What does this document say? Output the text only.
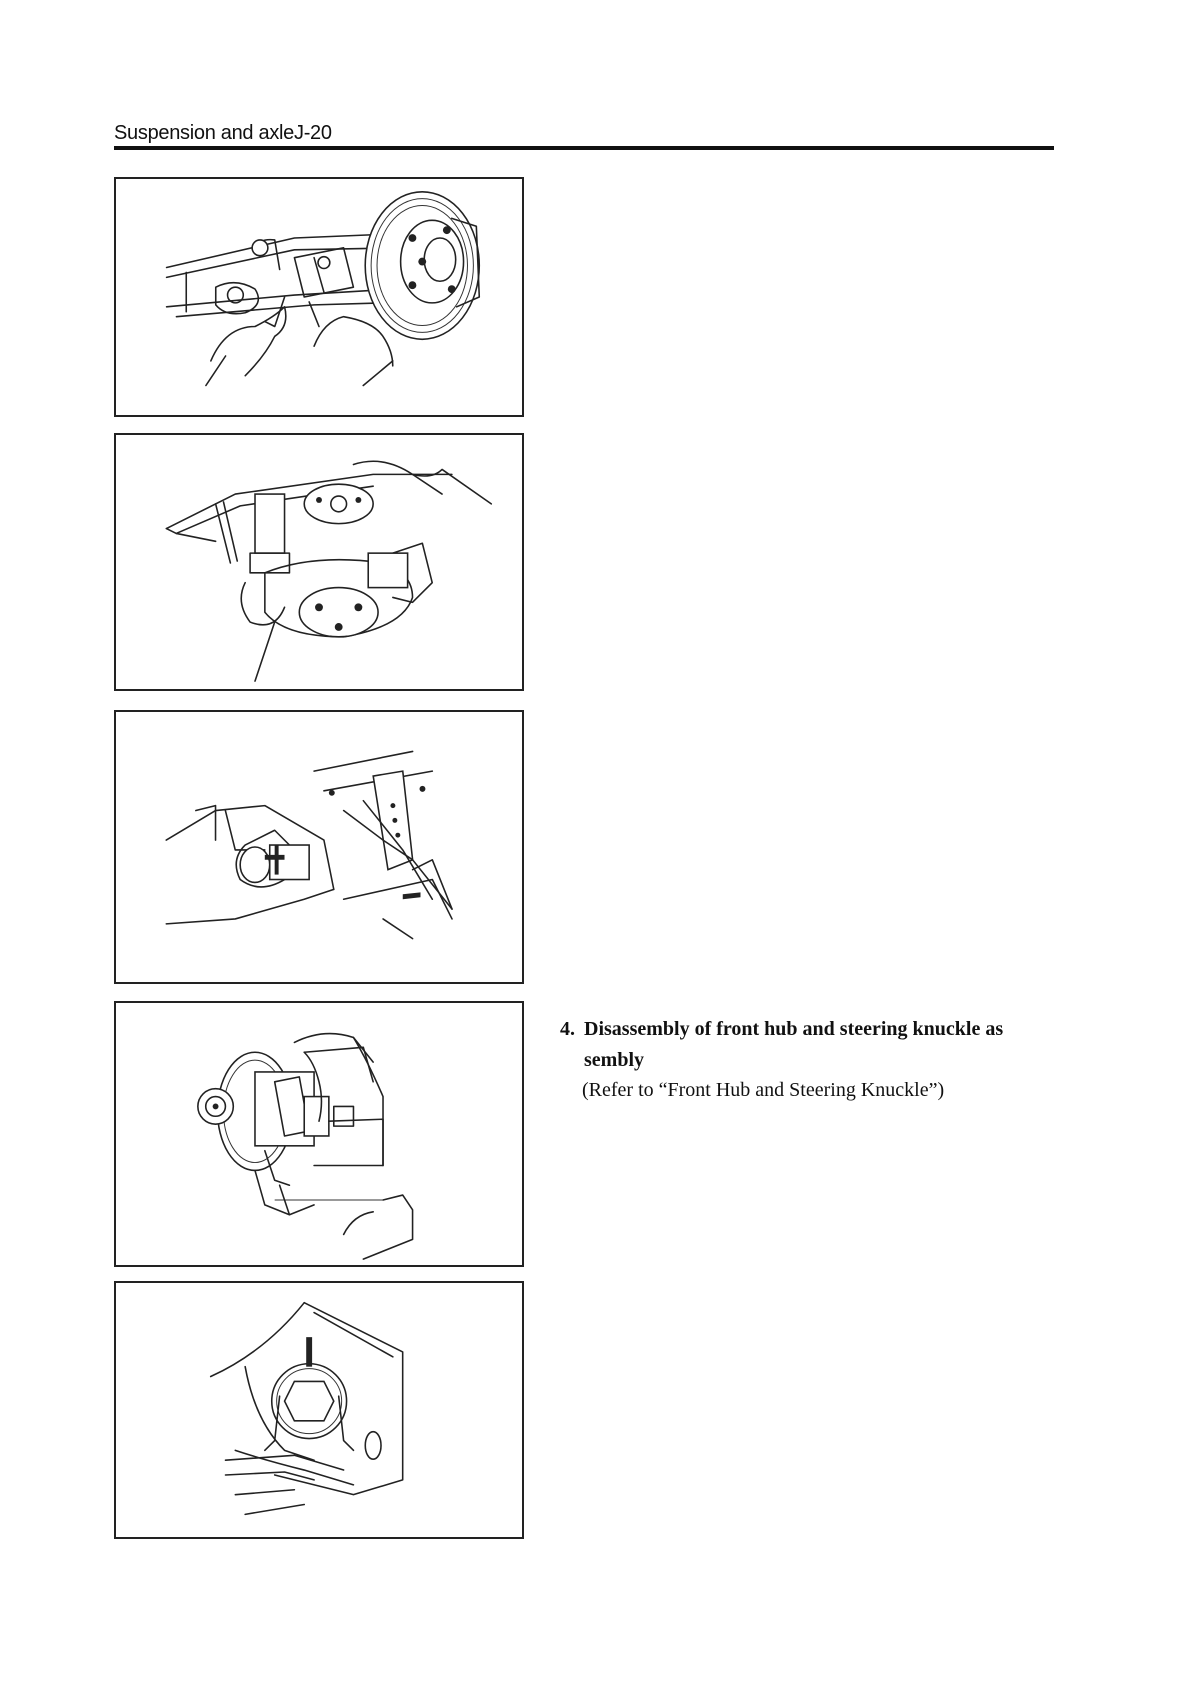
Suspension and axleJ-20
4. Disassembly of front hub and steering knuckle as
sembly
(Refer to “Front Hub and Steering Knuckle”)
